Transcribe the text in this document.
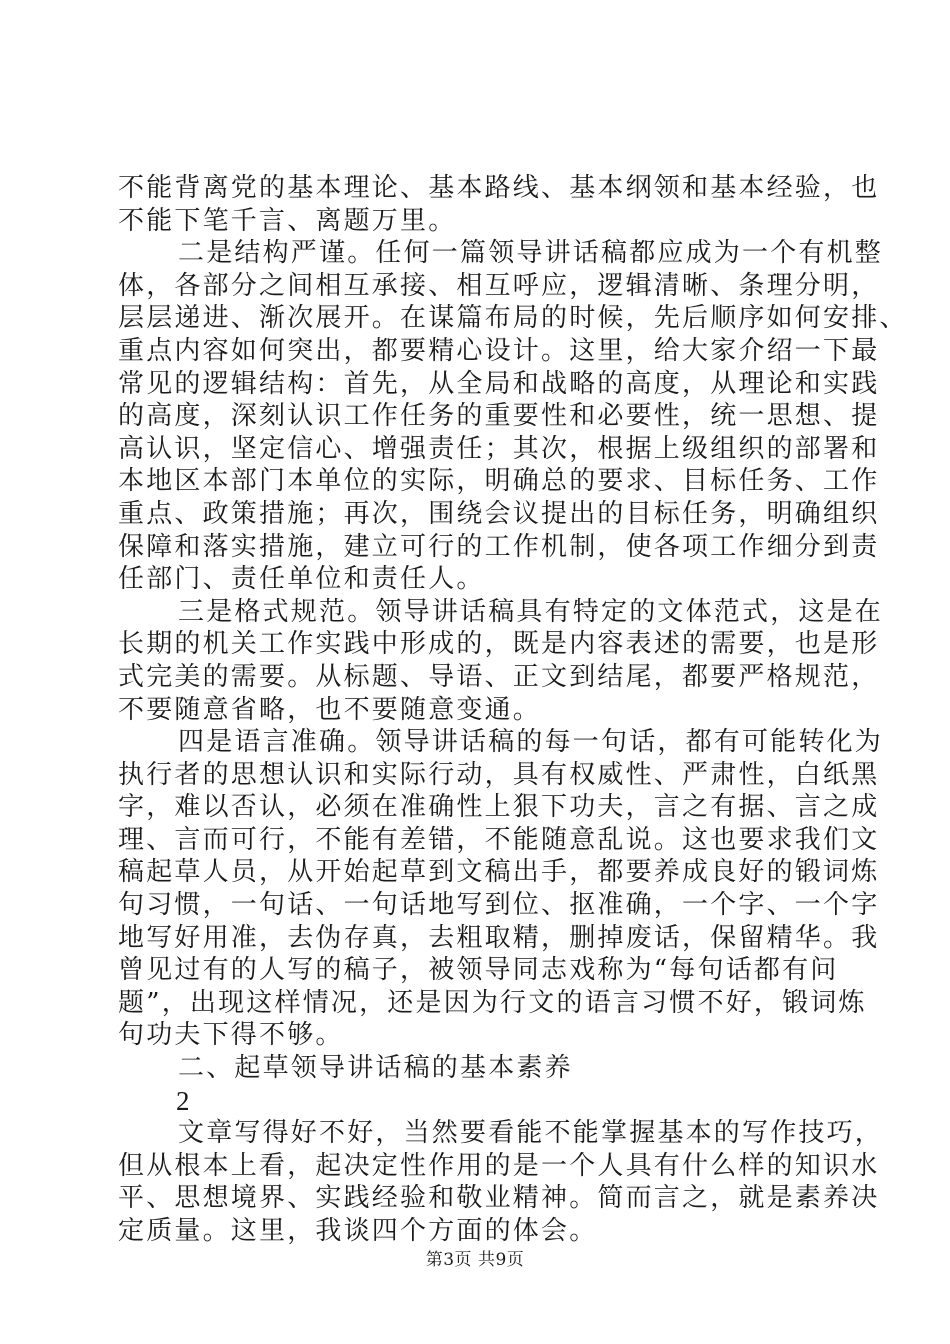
不能背离党的基本理论、基本路线、基本纲领和基本经验，也
不能下笔千言、离题万里。
二是结构严谨。任何一篇领导讲话稿都应成为一个有机整
体，各部分之间相互承接、相互呼应，逻辑清晰、条理分明，
层层递进、渐次展开。在谋篇布局的时候，先后顺序如何安排、
重点内容如何突出，都要精心设计。这里，给大家介绍一下最
常见的逻辑结构：首先，从全局和战略的高度，从理论和实践
的高度，深刻认识工作任务的重要性和必要性，统一思想、提
高认识，坚定信心、增强责任；其次，根据上级组织的部署和
本地区本部门本单位的实际，明确总的要求、目标任务、工作
重点、政策措施；再次，围绕会议提出的目标任务，明确组织
保障和落实措施，建立可行的工作机制，使各项工作细分到责
任部门、责任单位和责任人。
三是格式规范。领导讲话稿具有特定的文体范式，这是在
长期的机关工作实践中形成的，既是内容表述的需要，也是形
式完美的需要。从标题、导语、正文到结尾，都要严格规范，
不要随意省略，也不要随意变通。
四是语言准确。领导讲话稿的每一句话，都有可能转化为
执行者的思想认识和实际行动，具有权威性、严肃性，白纸黑
字，难以否认，必须在准确性上狠下功夫，言之有据、言之成
理、言而可行，不能有差错，不能随意乱说。这也要求我们文
稿起草人员，从开始起草到文稿出手，都要养成良好的锻词炼
句习惯，一句话、一句话地写到位、抠准确，一个字、一个字
地写好用准，去伪存真，去粗取精，删掉废话，保留精华。我
曾见过有的人写的稿子，被领导同志戏称为“每句话都有问
题”，出现这样情况，还是因为行文的语言习惯不好，锻词炼
句功夫下得不够。
二、起草领导讲话稿的基本素养
2
文章写得好不好，当然要看能不能掌握基本的写作技巧，
但从根本上看，起决定性作用的是一个人具有什么样的知识水
平、思想境界、实践经验和敬业精神。简而言之，就是素养决
定质量。这里，我谈四个方面的体会。
第3页 共9页
